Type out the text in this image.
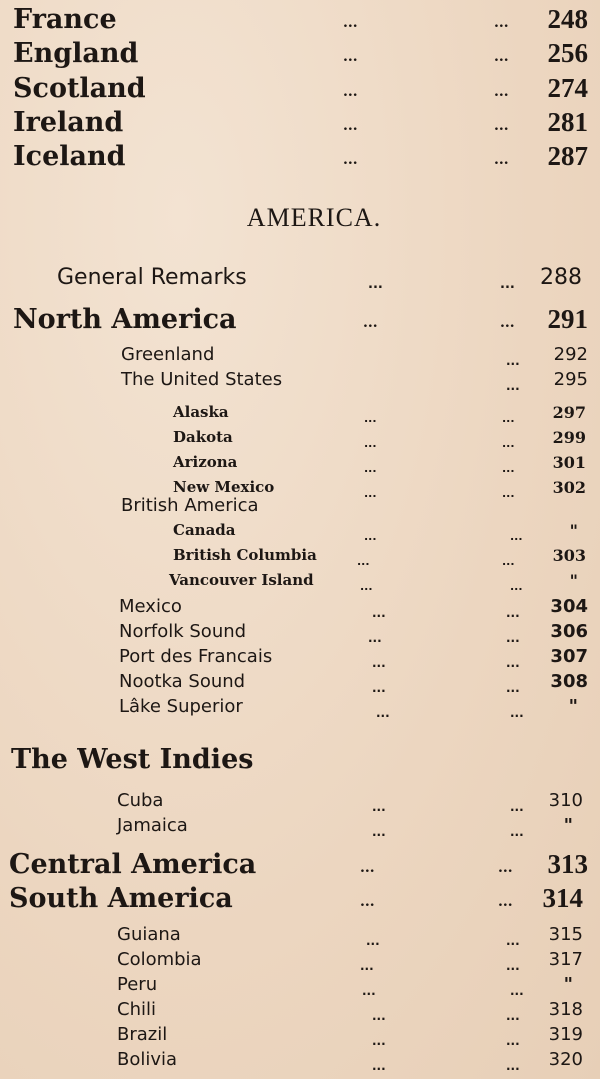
France	...	... 248
England	...	... 256
Scotland	...	... 274
Ireland	...	... 281
Iceland	...	... 287
AMERICA.
General Remarks	...	... 288
North America	...	... 291
Greenland	... 292
The United States	... 295
Alaska	...	... 297
Dakota	...	... 299
Arizona	...	... 301
New Mexico	...	... 302
British America
Canada	...	...	"
British Columbia	...	... 303
Vancouver Island	...	...	"
Mexico	...	... 304
Norfolk Sound	...	... 306
Port des Francais	...	... 307
Nootka Sound	...	... 308
Lâke Superior	...	... "
The West Indies
Cuba	...	... 310
Jamaica	...	... "
Central America	...	... 313
South America	...	... 314
Guiana	...	... 315
Colombia	...	... 317
Peru	...	... "
Chili	...	... 318
Brazil	...	... 319
Bolivia	...	... 320
